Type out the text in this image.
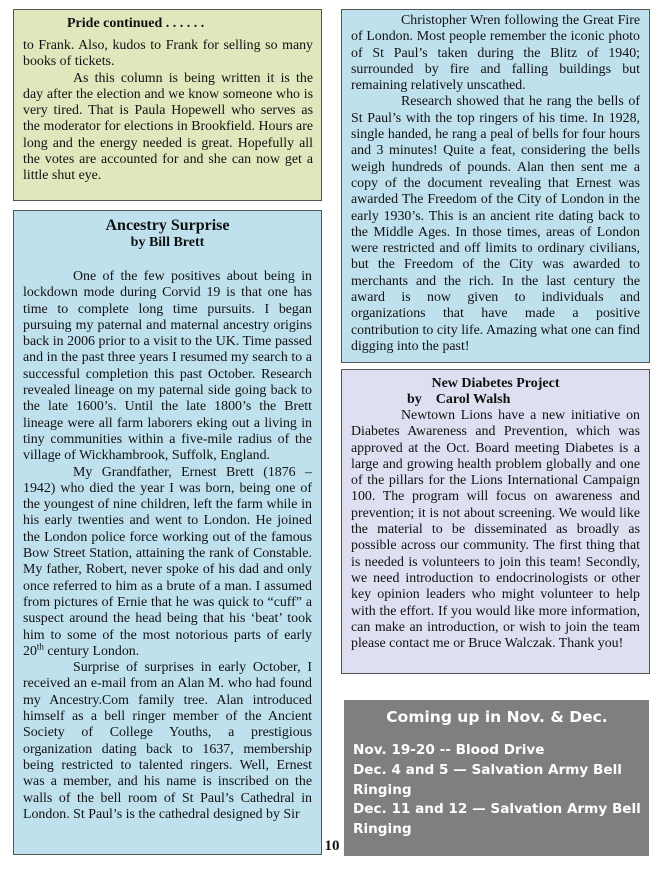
Pride continued . . . . . .

to Frank. Also, kudos to Frank for selling so many books of tickets.

As this column is being written it is the day after the election and we know someone who is very tired. That is Paula Hopewell who serves as the moderator for elections in Brookfield. Hours are long and the energy needed is great. Hopefully all the votes are accounted for and she can now get a little shut eye.

Ancestry Surprise
by Bill Brett

One of the few positives about being in lockdown mode during Corvid 19 is that one has time to complete long time pursuits. I began pursuing my paternal and maternal ancestry origins back in 2006 prior to a visit to the UK. Time passed and in the past three years I resumed my search to a successful completion this past October. Research revealed lineage on my paternal side going back to the late 1600’s. Until the late 1800’s the Brett lineage were all farm laborers eking out a living in tiny communities within a five-mile radius of the village of Wickhambrook, Suffolk, England.

My Grandfather, Ernest Brett (1876 – 1942) who died the year I was born, being one of the youngest of nine children, left the farm while in his early twenties and went to London. He joined the London police force working out of the famous Bow Street Station, attaining the rank of Constable. My father, Robert, never spoke of his dad and only once referred to him as a brute of a man. I assumed from pictures of Ernie that he was quick to “cuff” a suspect around the head being that his ‘beat’ took him to some of the most notorious parts of early 20th century London.

Surprise of surprises in early October, I received an e-mail from an Alan M. who had found my Ancestry.Com family tree. Alan introduced himself as a bell ringer member of the Ancient Society of College Youths, a prestigious organization dating back to 1637, membership being restricted to talented ringers. Well, Ernest was a member, and his name is inscribed on the walls of the bell room of St Paul’s Cathedral in London. St Paul’s is the cathedral designed by Sir

Christopher Wren following the Great Fire of London. Most people remember the iconic photo of St Paul’s taken during the Blitz of 1940; surrounded by fire and falling buildings but remaining relatively unscathed.

Research showed that he rang the bells of St Paul’s with the top ringers of his time. In 1928, single handed, he rang a peal of bells for four hours and 3 minutes! Quite a feat, considering the bells weigh hundreds of pounds. Alan then sent me a copy of the document revealing that Ernest was awarded The Freedom of the City of London in the early 1930’s. This is an ancient rite dating back to the Middle Ages. In those times, areas of London were restricted and off limits to ordinary civilians, but the Freedom of the City was awarded to merchants and the rich. In the last century the award is now given to individuals and organizations that have made a positive contribution to city life. Amazing what one can find digging into the past!

New Diabetes Project
by Carol Walsh

Newtown Lions have a new initiative on Diabetes Awareness and Prevention, which was approved at the Oct. Board meeting Diabetes is a large and growing health problem globally and one of the pillars for the Lions International Campaign 100. The program will focus on awareness and prevention; it is not about screening. We would like the material to be disseminated as broadly as possible across our community. The first thing that is needed is volunteers to join this team! Secondly, we need introduction to endocrinologists or other key opinion leaders who might volunteer to help with the effort. If you would like more information, can make an introduction, or wish to join the team please contact me or Bruce Walczak. Thank you!

Coming up in Nov. & Dec.
Nov. 19-20 -- Blood Drive
Dec. 4 and 5 — Salvation Army Bell Ringing
Dec. 11 and 12 — Salvation Army Bell Ringing
10
